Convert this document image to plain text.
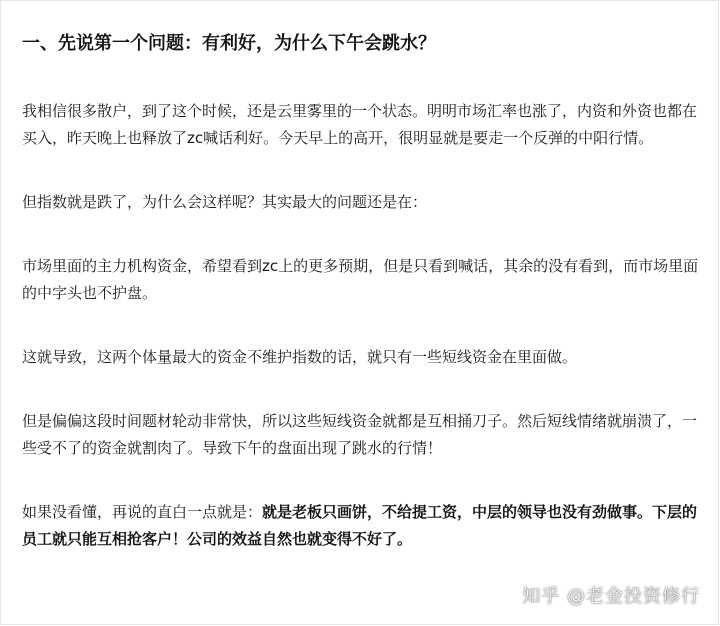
一、先说第一个问题：有利好，为什么下午会跳水？

我相信很多散户，到了这个时候，还是云里雾里的一个状态。明明市场汇率也涨了，内资和外资也都在买入，昨天晚上也释放了zc喊话利好。今天早上的高开，很明显就是要走一个反弹的中阳行情。

但指数就是跌了，为什么会这样呢？其实最大的问题还是在：

市场里面的主力机构资金，希望看到zc上的更多预期，但是只看到喊话，其余的没有看到，而市场里面的中字头也不护盘。

这就导致，这两个体量最大的资金不维护指数的话，就只有一些短线资金在里面做。

但是偏偏这段时间题材轮动非常快，所以这些短线资金就都是互相捅刀子。然后短线情绪就崩溃了，一些受不了的资金就割肉了。导致下午的盘面出现了跳水的行情！

如果没看懂，再说的直白一点就是：就是老板只画饼，不给提工资，中层的领导也没有劲做事。下层的员工就只能互相抢客户！公司的效益自然也就变得不好了。

知乎 @老金投资修行
